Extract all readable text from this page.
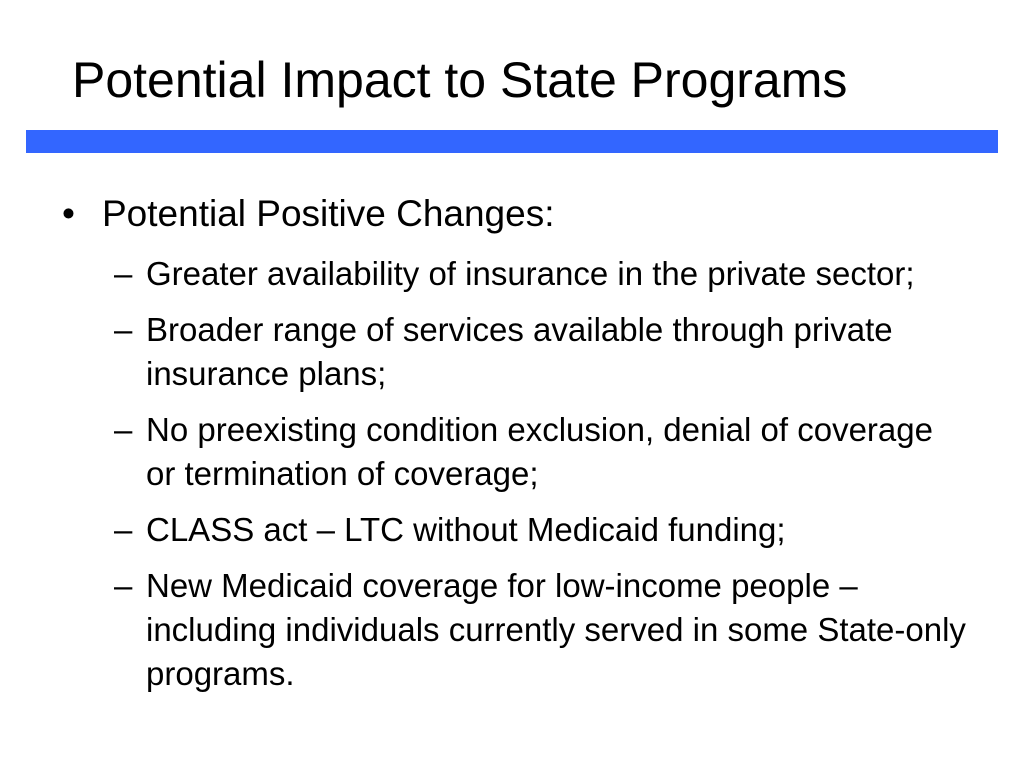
Potential Impact to State Programs
• Potential Positive Changes:
– Greater availability of insurance in the private sector;
– Broader range of services available through private insurance plans;
– No preexisting condition exclusion, denial of coverage or termination of coverage;
– CLASS act – LTC without Medicaid funding;
– New Medicaid coverage for low-income people – including individuals currently served in some State-only programs.
